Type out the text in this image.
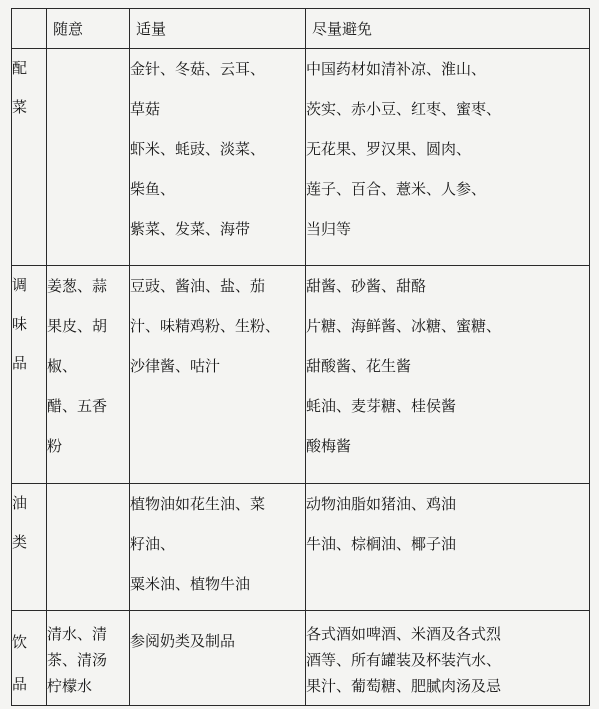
	随意	适量	尽量避免

配
菜		金针、冬菇、云耳、
草菇
虾米、蚝豉、淡菜、
柴鱼、
紫菜、发菜、海带	中国药材如清补凉、淮山、
茨实、赤小豆、红枣、蜜枣、
无花果、罗汉果、圆肉、
莲子、百合、薏米、人参、
当归等

调
味
品	姜葱、蒜
果皮、胡
椒、
醋、五香
粉	豆豉、酱油、盐、茄
汁、味精鸡粉、生粉、
沙律酱、咕汁	甜酱、砂酱、甜酪
片糖、海鲜酱、冰糖、蜜糖、
甜酸酱、花生酱
蚝油、麦芽糖、桂侯酱
酸梅酱

油
类		植物油如花生油、菜
籽油、
粟米油、植物牛油	动物油脂如猪油、鸡油
牛油、棕榈油、椰子油

饮
品	清水、清
茶、清汤
柠檬水	参阅奶类及制品	各式酒如啤酒、米酒及各式烈
酒等、所有罐装及杯装汽水、
果汁、葡萄糖、肥腻肉汤及忌
